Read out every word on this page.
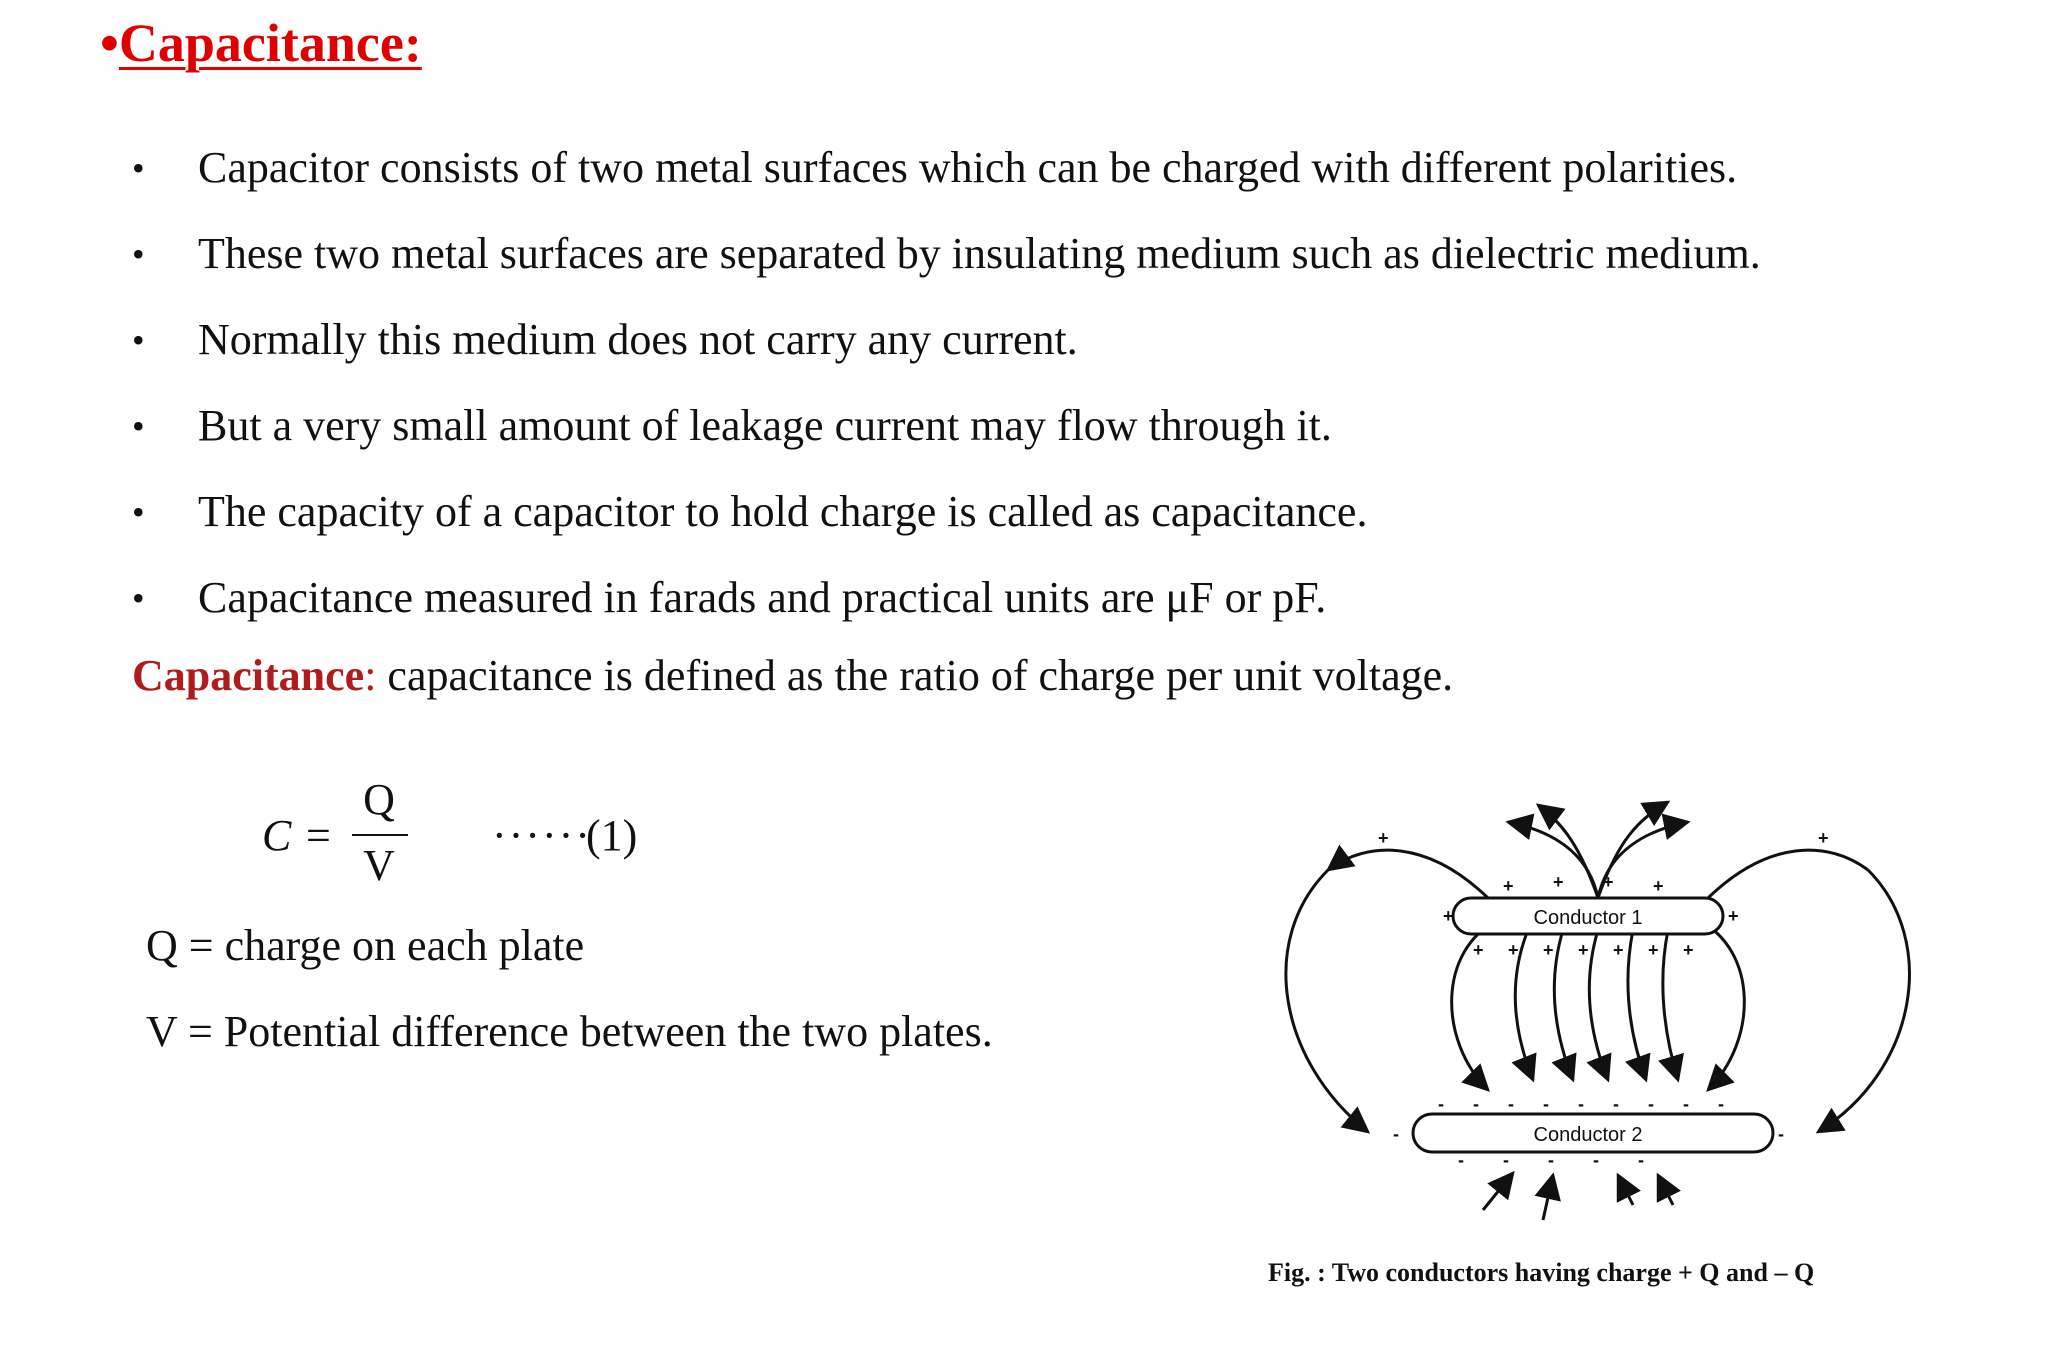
•Capacitance:
• Capacitor consists of two metal surfaces which can be charged with different polarities.
• These two metal surfaces are separated by insulating medium such as dielectric medium.
• Normally this medium does not carry any current.
• But a very small amount of leakage current may flow through it.
• The capacity of a capacitor to hold charge is called as capacitance.
• Capacitance measured in farads and practical units are μF or pF.
Capacitance: capacitance is defined as the ratio of charge per unit voltage.
C =
Q
V
······
(1)
Q = charge on each plate
V = Potential difference between the two plates.
Conductor 1
Conductor 2
+ + + +
+	+
+	+
+ + + + + + +
- - - - - - - - -
-	-
- - - - -
Fig. : Two conductors having charge + Q and – Q
